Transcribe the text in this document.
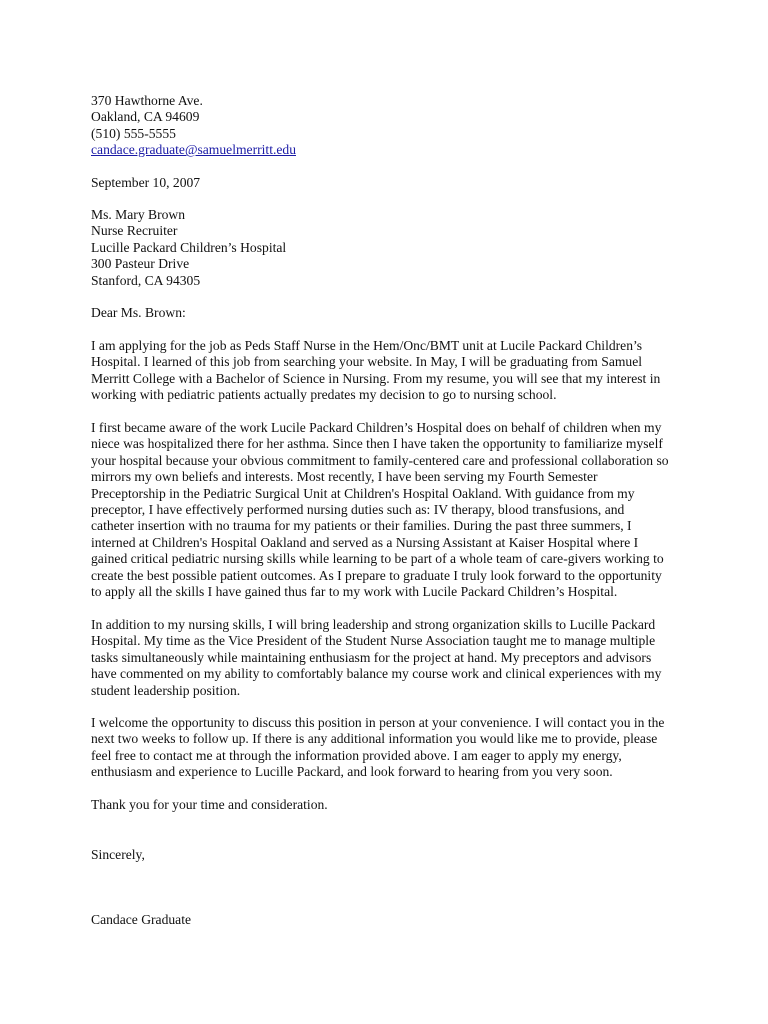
370 Hawthorne Ave.
Oakland, CA 94609
(510) 555-5555
candace.graduate@samuelmerritt.edu
September 10, 2007
Ms. Mary Brown
Nurse Recruiter
Lucille Packard Children’s Hospital
300 Pasteur Drive
Stanford, CA 94305
Dear Ms. Brown:
I am applying for the job as Peds Staff Nurse in the Hem/Onc/BMT unit at Lucile Packard Children’s
Hospital. I learned of this job from searching your website. In May, I will be graduating from Samuel
Merritt College with a Bachelor of Science in Nursing. From my resume, you will see that my interest in
working with pediatric patients actually predates my decision to go to nursing school.
I first became aware of the work Lucile Packard Children’s Hospital does on behalf of children when my
niece was hospitalized there for her asthma. Since then I have taken the opportunity to familiarize myself
your hospital because your obvious commitment to family-centered care and professional collaboration so
mirrors my own beliefs and interests. Most recently, I have been serving my Fourth Semester
Preceptorship in the Pediatric Surgical Unit at Children's Hospital Oakland. With guidance from my
preceptor, I have effectively performed nursing duties such as: IV therapy, blood transfusions, and
catheter insertion with no trauma for my patients or their families. During the past three summers, I
interned at Children's Hospital Oakland and served as a Nursing Assistant at Kaiser Hospital where I
gained critical pediatric nursing skills while learning to be part of a whole team of care-givers working to
create the best possible patient outcomes. As I prepare to graduate I truly look forward to the opportunity
to apply all the skills I have gained thus far to my work with Lucile Packard Children’s Hospital.
In addition to my nursing skills, I will bring leadership and strong organization skills to Lucille Packard
Hospital. My time as the Vice President of the Student Nurse Association taught me to manage multiple
tasks simultaneously while maintaining enthusiasm for the project at hand. My preceptors and advisors
have commented on my ability to comfortably balance my course work and clinical experiences with my
student leadership position.
I welcome the opportunity to discuss this position in person at your convenience. I will contact you in the
next two weeks to follow up. If there is any additional information you would like me to provide, please
feel free to contact me at through the information provided above. I am eager to apply my energy,
enthusiasm and experience to Lucille Packard, and look forward to hearing from you very soon.
Thank you for your time and consideration.
Sincerely,
Candace Graduate
